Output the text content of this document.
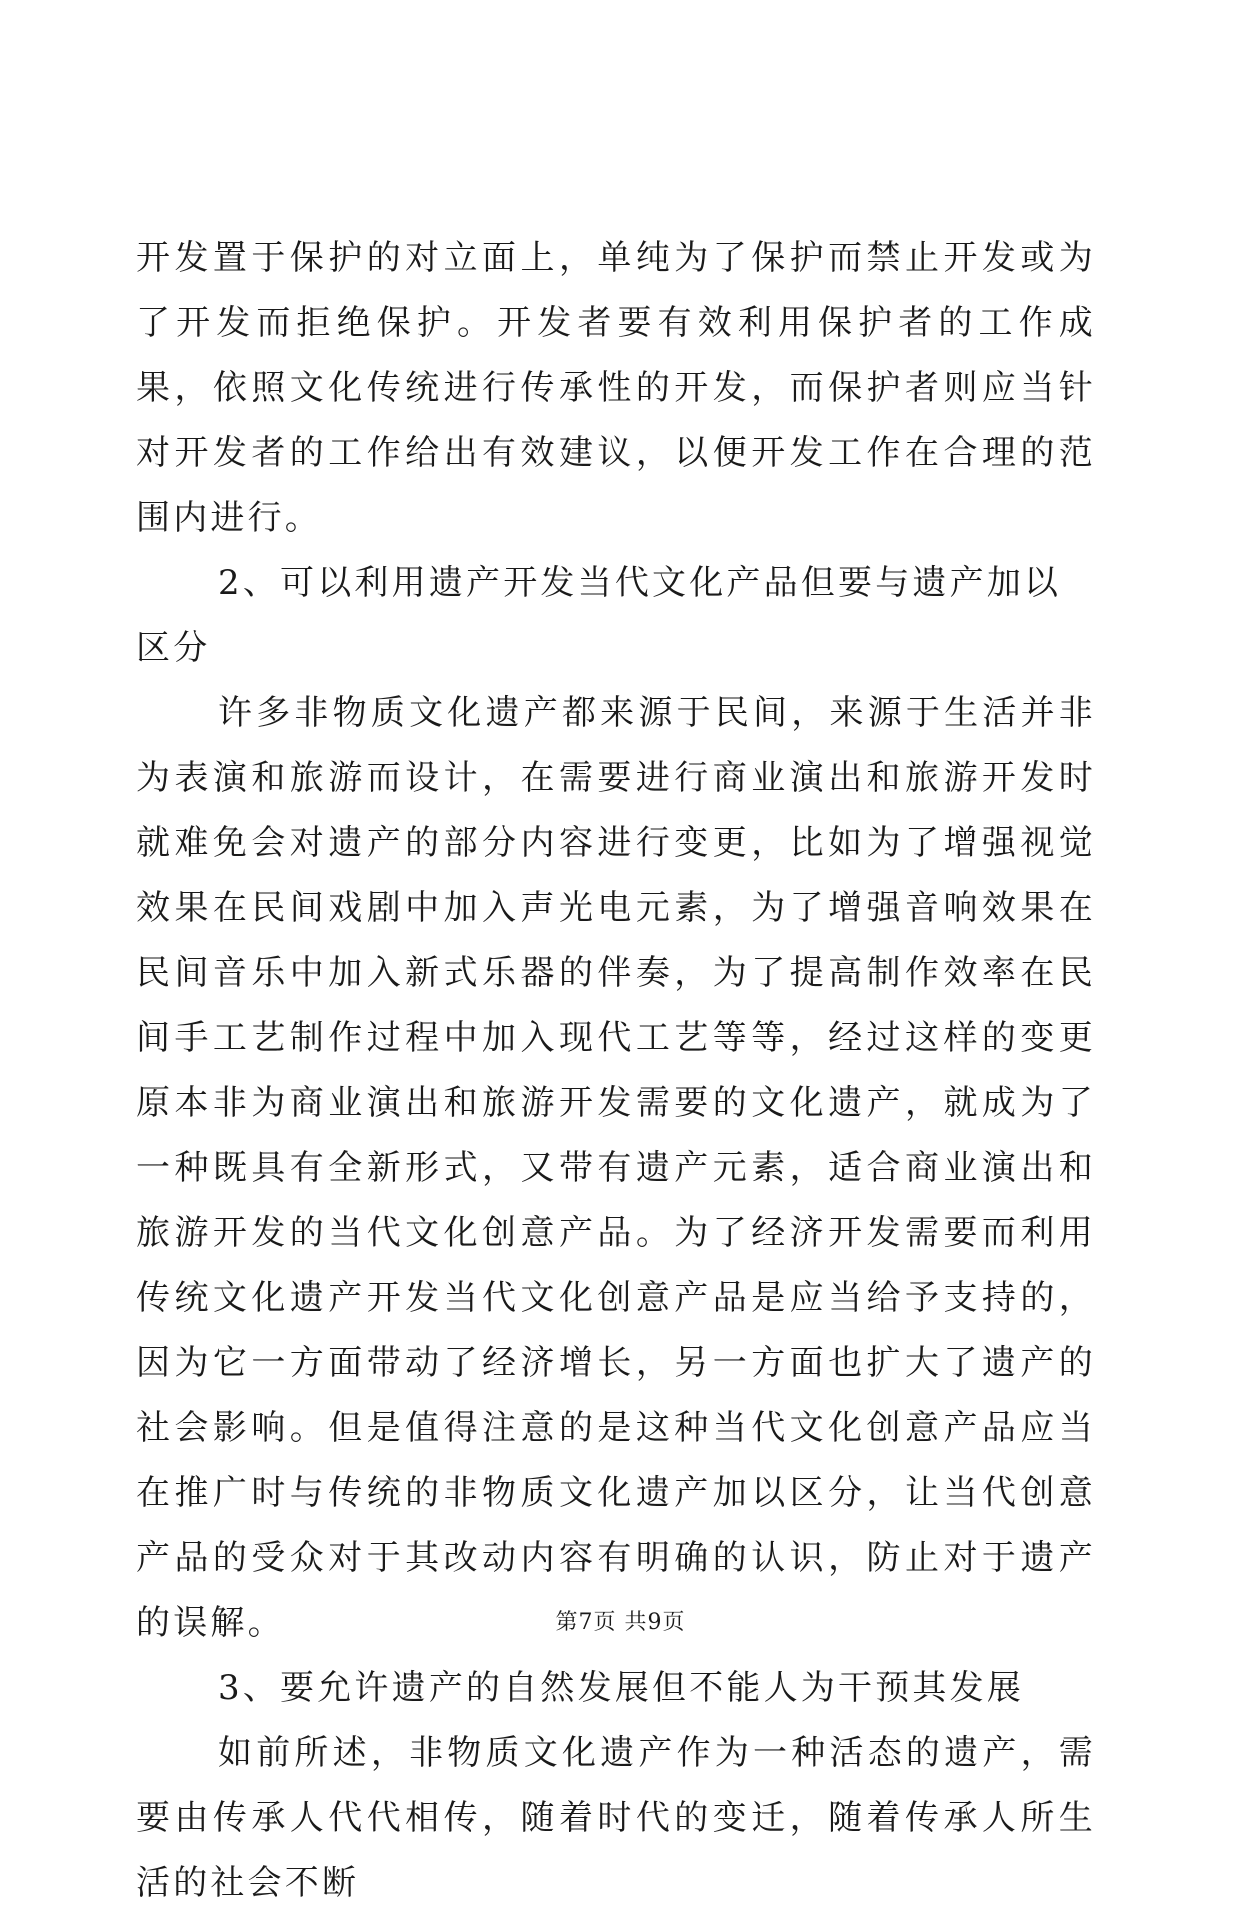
开发置于保护的对立面上，单纯为了保护而禁止开发或为了开发而拒绝保护。开发者要有效利用保护者的工作成果，依照文化传统进行传承性的开发，而保护者则应当针对开发者的工作给出有效建议，以便开发工作在合理的范围内进行。

2、可以利用遗产开发当代文化产品但要与遗产加以区分

许多非物质文化遗产都来源于民间，来源于生活并非为表演和旅游而设计，在需要进行商业演出和旅游开发时就难免会对遗产的部分内容进行变更，比如为了增强视觉效果在民间戏剧中加入声光电元素，为了增强音响效果在民间音乐中加入新式乐器的伴奏，为了提高制作效率在民间手工艺制作过程中加入现代工艺等等，经过这样的变更原本非为商业演出和旅游开发需要的文化遗产，就成为了一种既具有全新形式，又带有遗产元素，适合商业演出和旅游开发的当代文化创意产品。为了经济开发需要而利用传统文化遗产开发当代文化创意产品是应当给予支持的，因为它一方面带动了经济增长，另一方面也扩大了遗产的社会影响。但是值得注意的是这种当代文化创意产品应当在推广时与传统的非物质文化遗产加以区分，让当代创意产品的受众对于其改动内容有明确的认识，防止对于遗产的误解。

3、要允许遗产的自然发展但不能人为干预其发展

如前所述，非物质文化遗产作为一种活态的遗产，需要由传承人代代相传，随着时代的变迁，随着传承人所生活的社会不断

第7页 共9页
